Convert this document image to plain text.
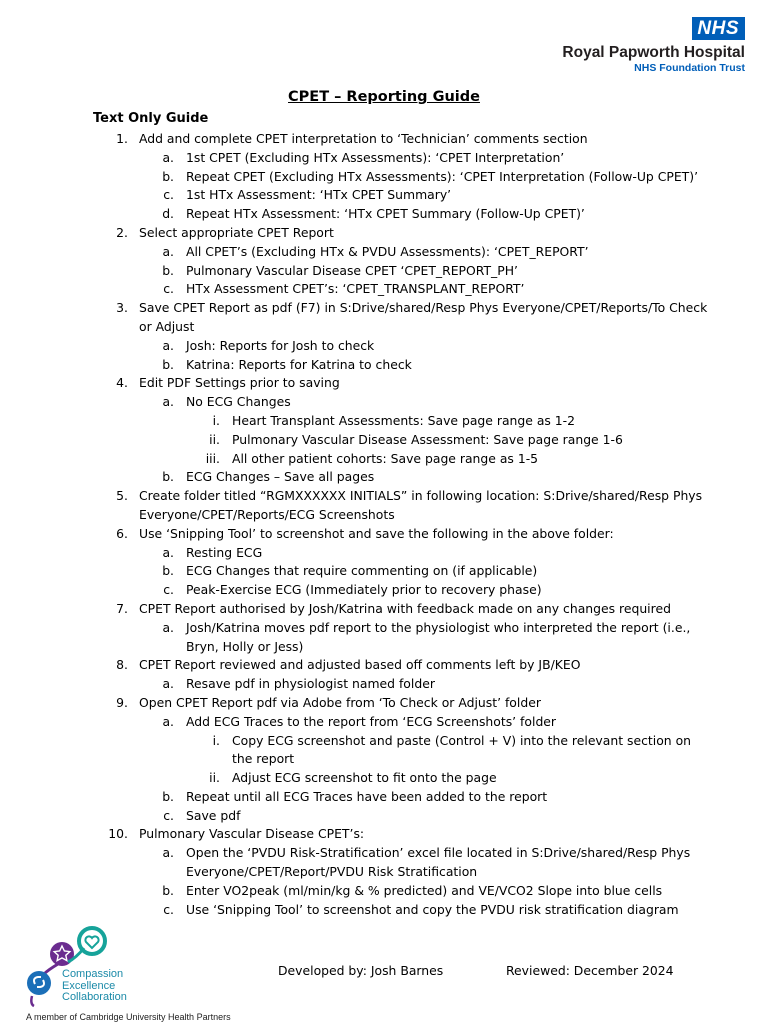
NHS
Royal Papworth Hospital
NHS Foundation Trust
CPET – Reporting Guide
Text Only Guide
1. Add and complete CPET interpretation to ‘Technician’ comments section
a. 1st CPET (Excluding HTx Assessments): ‘CPET Interpretation’
b. Repeat CPET (Excluding HTx Assessments): ‘CPET Interpretation (Follow-Up CPET)’
c. 1st HTx Assessment: ‘HTx CPET Summary’
d. Repeat HTx Assessment: ‘HTx CPET Summary (Follow-Up CPET)’
2. Select appropriate CPET Report
a. All CPET’s (Excluding HTx & PVDU Assessments): ‘CPET_REPORT’
b. Pulmonary Vascular Disease CPET ‘CPET_REPORT_PH’
c. HTx Assessment CPET’s: ‘CPET_TRANSPLANT_REPORT’
3. Save CPET Report as pdf (F7) in S:Drive/shared/Resp Phys Everyone/CPET/Reports/To Check
or Adjust
a. Josh: Reports for Josh to check
b. Katrina: Reports for Katrina to check
4. Edit PDF Settings prior to saving
a. No ECG Changes
i. Heart Transplant Assessments: Save page range as 1-2
ii. Pulmonary Vascular Disease Assessment: Save page range 1-6
iii. All other patient cohorts: Save page range as 1-5
b. ECG Changes – Save all pages
5. Create folder titled “RGMXXXXXX INITIALS” in following location: S:Drive/shared/Resp Phys
Everyone/CPET/Reports/ECG Screenshots
6. Use ‘Snipping Tool’ to screenshot and save the following in the above folder:
a. Resting ECG
b. ECG Changes that require commenting on (if applicable)
c. Peak-Exercise ECG (Immediately prior to recovery phase)
7. CPET Report authorised by Josh/Katrina with feedback made on any changes required
a. Josh/Katrina moves pdf report to the physiologist who interpreted the report (i.e.,
Bryn, Holly or Jess)
8. CPET Report reviewed and adjusted based off comments left by JB/KEO
a. Resave pdf in physiologist named folder
9. Open CPET Report pdf via Adobe from ‘To Check or Adjust’ folder
a. Add ECG Traces to the report from ‘ECG Screenshots’ folder
i. Copy ECG screenshot and paste (Control + V) into the relevant section on
the report
ii. Adjust ECG screenshot to fit onto the page
b. Repeat until all ECG Traces have been added to the report
c. Save pdf
10. Pulmonary Vascular Disease CPET’s:
a. Open the ‘PVDU Risk-Stratification’ excel file located in S:Drive/shared/Resp Phys
Everyone/CPET/Report/PVDU Risk Stratification
b. Enter VO2peak (ml/min/kg & % predicted) and VE/VCO2 Slope into blue cells
c. Use ‘Snipping Tool’ to screenshot and copy the PVDU risk stratification diagram
Compassion
Excellence
Collaboration
A member of Cambridge University Health Partners
Developed by: Josh Barnes	Reviewed: December 2024
